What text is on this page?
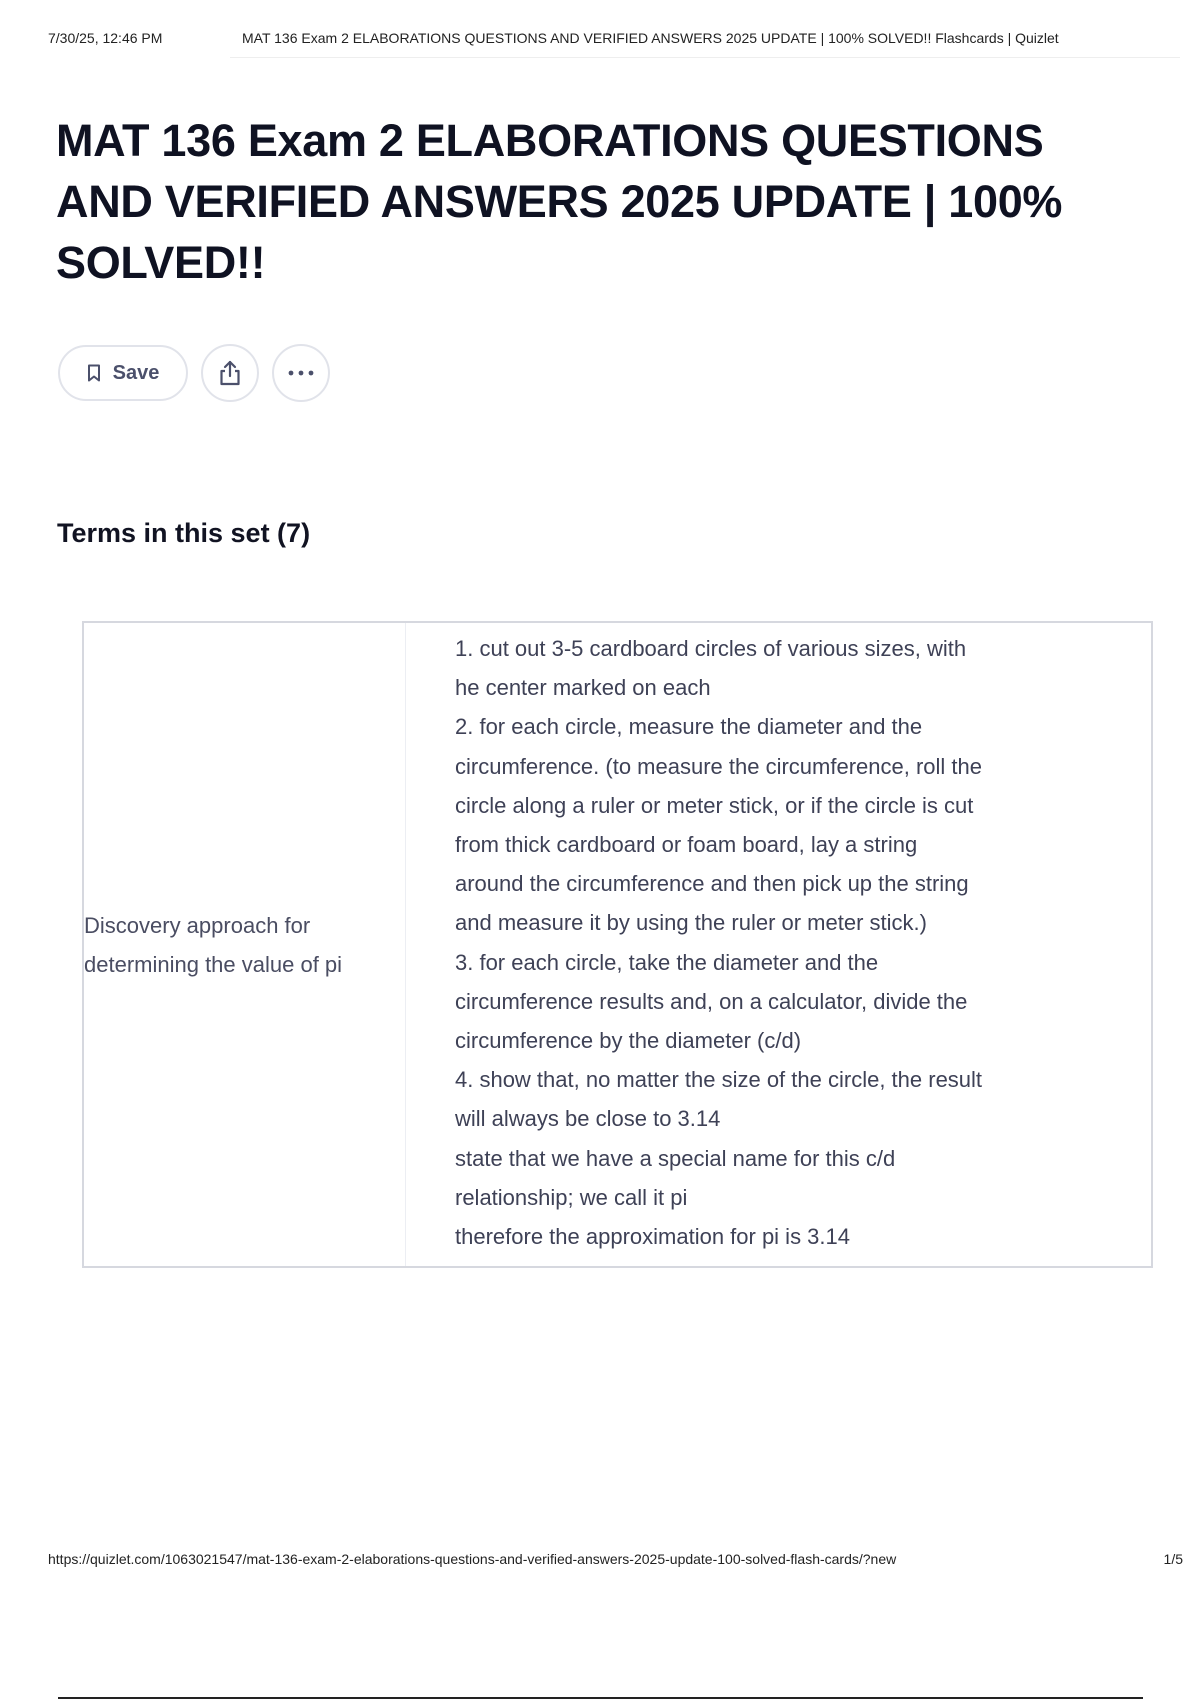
7/30/25, 12:46 PM	MAT 136 Exam 2 ELABORATIONS QUESTIONS AND VERIFIED ANSWERS 2025 UPDATE | 100% SOLVED!! Flashcards | Quizlet
MAT 136 Exam 2 ELABORATIONS QUESTIONS AND VERIFIED ANSWERS 2025 UPDATE | 100% SOLVED!!
Save
Terms in this set (7)
Discovery approach for determining the value of pi
1. cut out 3-5 cardboard circles of various sizes, with
he center marked on each
2. for each circle, measure the diameter and the
circumference. (to measure the circumference, roll the
circle along a ruler or meter stick, or if the circle is cut
from thick cardboard or foam board, lay a string
around the circumference and then pick up the string
and measure it by using the ruler or meter stick.)
3. for each circle, take the diameter and the
circumference results and, on a calculator, divide the
circumference by the diameter (c/d)
4. show that, no matter the size of the circle, the result
will always be close to 3.14
state that we have a special name for this c/d
relationship; we call it pi
therefore the approximation for pi is 3.14
https://quizlet.com/1063021547/mat-136-exam-2-elaborations-questions-and-verified-answers-2025-update-100-solved-flash-cards/?new	1/5
